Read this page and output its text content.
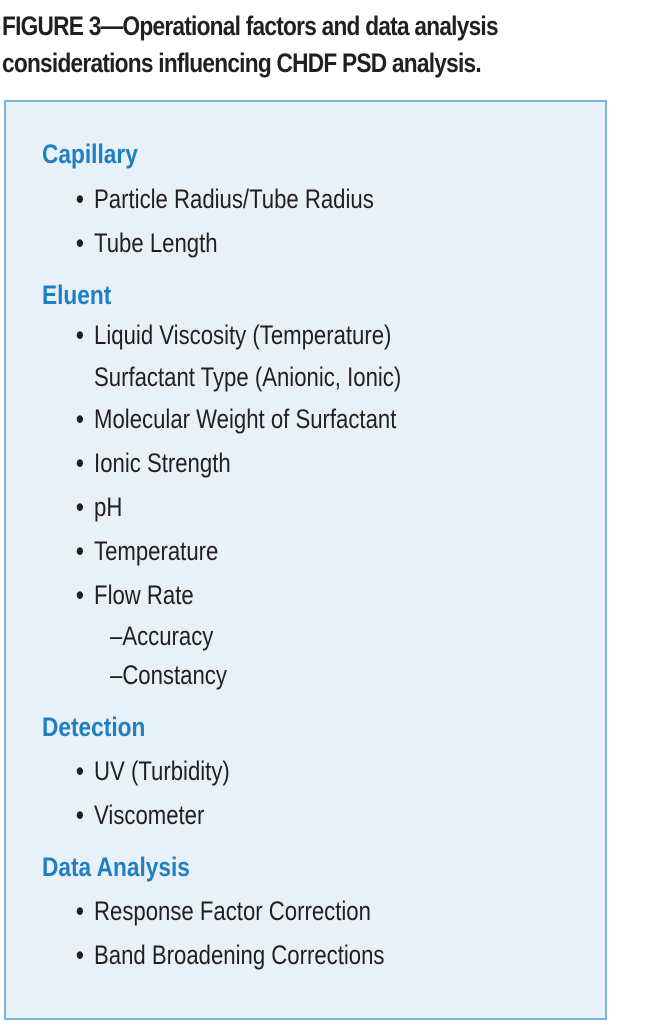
FIGURE 3—Operational factors and data analysis
considerations influencing CHDF PSD analysis.
Capillary
• Particle Radius/Tube Radius
• Tube Length
Eluent
• Liquid Viscosity (Temperature)
Surfactant Type (Anionic, Ionic)
• Molecular Weight of Surfactant
• Ionic Strength
• pH
• Temperature
• Flow Rate
–Accuracy
–Constancy
Detection
• UV (Turbidity)
• Viscometer
Data Analysis
• Response Factor Correction
• Band Broadening Corrections
